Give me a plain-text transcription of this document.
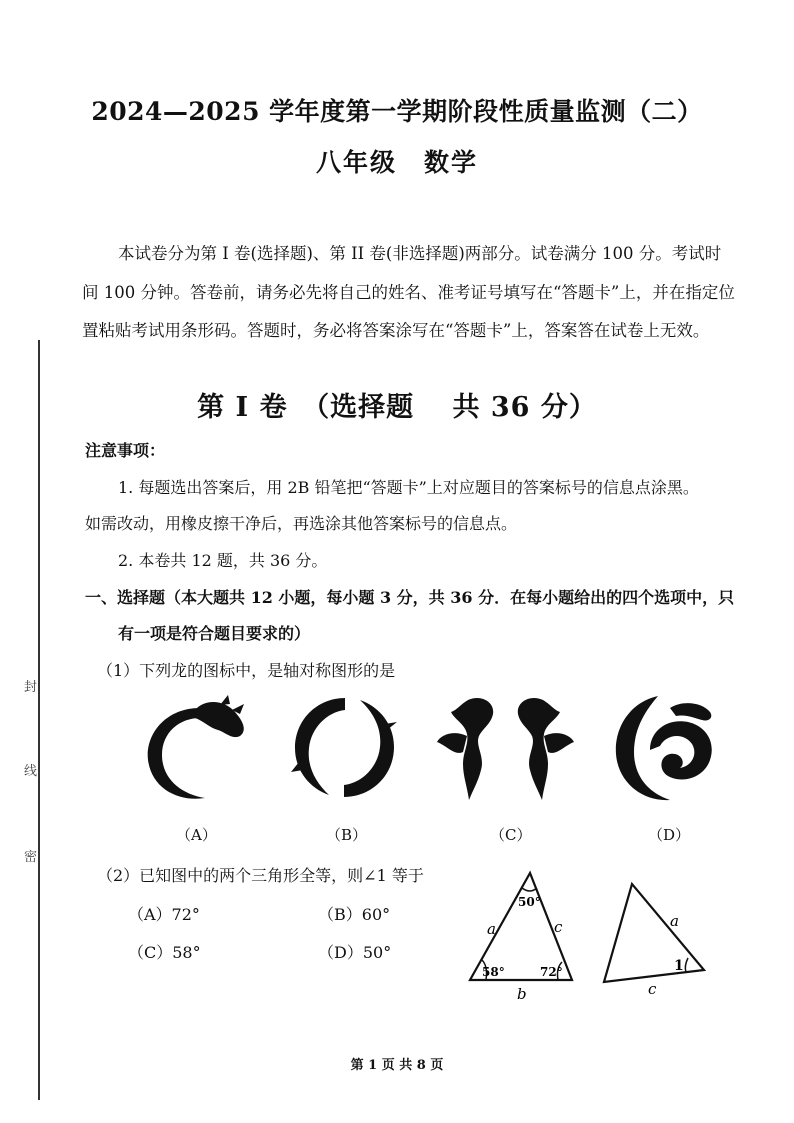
封
线
密
2024—2025 学年度第一学期阶段性质量监测（二）
八年级　数学
本试卷分为第 I 卷(选择题)、第 II 卷(非选择题)两部分。试卷满分 100 分。考试时
间 100 分钟。答卷前，请务必先将自己的姓名、准考证号填写在“答题卡”上，并在指定位
置粘贴考试用条形码。答题时，务必将答案涂写在“答题卡”上，答案答在试卷上无效。
第 I 卷　（选择题　 共 36 分）
注意事项：
1. 每题选出答案后，用 2B 铅笔把“答题卡”上对应题目的答案标号的信息点涂黑。
如需改动，用橡皮擦干净后，再选涂其他答案标号的信息点。
2. 本卷共 12 题，共 36 分。
一、选择题（本大题共 12 小题，每小题 3 分，共 36 分．在每小题给出的四个选项中，只
有一项是符合题目要求的）
（1）下列龙的图标中，是轴对称图形的是
（A）	（B）	（C）	（D）
（2）已知图中的两个三角形全等，则∠1 等于
（A）72°	（B）60°
（C）58°	（D）50°
50°
58°	72°
a	c
b
1
a
c
第 1 页 共 8 页
